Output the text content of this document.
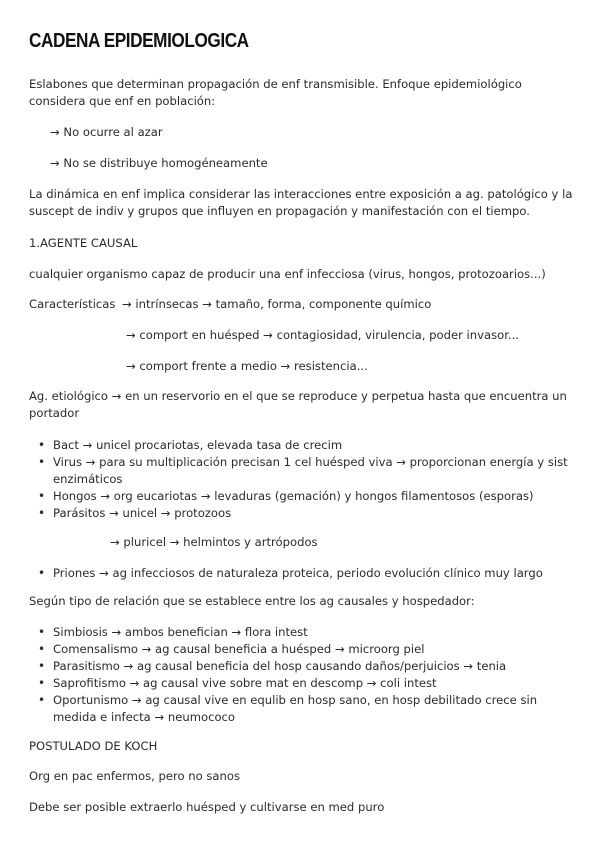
CADENA EPIDEMIOLOGICA

Eslabones que determinan propagación de enf transmisible. Enfoque epidemiológico considera que enf en población:

→ No ocurre al azar

→ No se distribuye homogéneamente

La dinámica en enf implica considerar las interacciones entre exposición a ag. patológico y la suscept de indiv y grupos que influyen en propagación y manifestación con el tiempo.

1.AGENTE CAUSAL

cualquier organismo capaz de producir una enf infecciosa (virus, hongos, protozoarios...)

Características → intrínsecas → tamaño, forma, componente químico
→ comport en huésped → contagiosidad, virulencia, poder invasor...
→ comport frente a medio → resistencia...

Ag. etiológico → en un reservorio en el que se reproduce y perpetua hasta que encuentra un portador

• Bact → unicel procariotas, elevada tasa de crecim
• Virus → para su multiplicación precisan 1 cel huésped viva → proporcionan energía y sist enzimáticos
• Hongos → org eucariotas → levaduras (gemación) y hongos filamentosos (esporas)
• Parásitos → unicel → protozoos

→ pluricel → helmintos y artrópodos

• Priones → ag infecciosos de naturaleza proteica, periodo evolución clínico muy largo

Según tipo de relación que se establece entre los ag causales y hospedador:

• Simbiosis → ambos benefician → flora intest
• Comensalismo → ag causal beneficia a huésped → microorg piel
• Parasitismo → ag causal beneficia del hosp causando daños/perjuicios → tenia
• Saprofitismo → ag causal vive sobre mat en descomp → coli intest
• Oportunismo → ag causal vive en equlib en hosp sano, en hosp debilitado crece sin medida e infecta → neumococo

POSTULADO DE KOCH

Org en pac enfermos, pero no sanos

Debe ser posible extraerlo huésped y cultivarse en med puro
